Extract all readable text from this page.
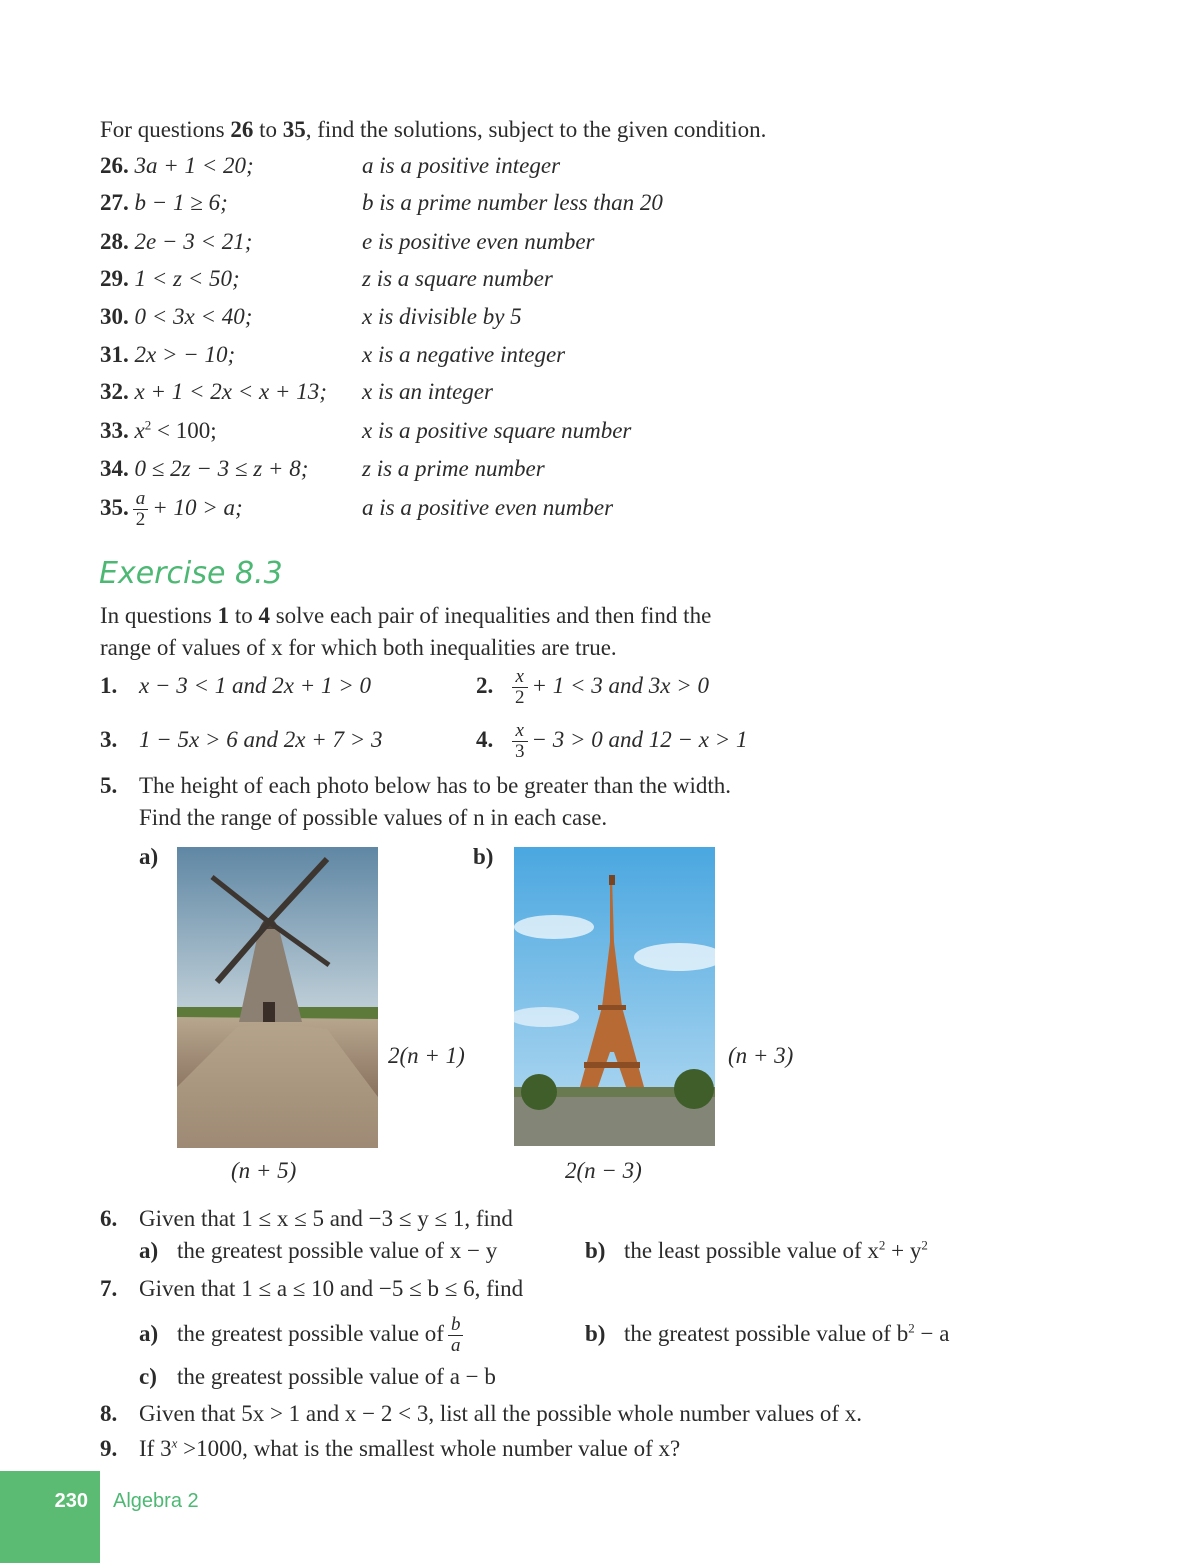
For questions 26 to 35, find the solutions, subject to the given condition.
26. 3a + 1 < 20;	a is a positive integer
27. b − 1 ≥ 6;	b is a prime number less than 20
28. 2e − 3 < 21;	e is positive even number
29. 1 < z < 50;	z is a square number
30. 0 < 3x < 40;	x is divisible by 5
31. 2x > − 10;	x is a negative integer
32. x + 1 < 2x < x + 13; x is an integer
33. $x^2 < 100$;	x is a positive square number
34. 0 ≤ 2z − 3 ≤ z + 8; z is a prime number
35. $\frac{a}{2} + 10 > a$;	a is a positive even number
Exercise 8.3
In questions 1 to 4 solve each pair of inequalities and then find the
range of values of x for which both inequalities are true.
1. x − 3 < 1 and 2x + 1 > 0	2. $\frac{x}{2} + 1 < 3$ and 3x > 0
3. 1 − 5x > 6 and 2x + 7 > 3	4. $\frac{x}{3} - 3 > 0$ and 12 − x > 1
5. The height of each photo below has to be greater than the width.
Find the range of possible values of n in each case.
a)	b)
2(n + 1)
(n + 5)
(n + 3)
2(n − 3)
6. Given that 1 ≤ x ≤ 5 and −3 ≤ y ≤ 1, find
a) the greatest possible value of x − y	b) the least possible value of $x^2 + y^2$
7. Given that 1 ≤ a ≤ 10 and −5 ≤ b ≤ 6, find
a) the greatest possible value of $\frac{b}{a}$	b) the greatest possible value of $b^2 - a$
c) the greatest possible value of a − b
8. Given that 5x > 1 and x − 2 < 3, list all the possible whole number values of x.
9. If $3^x >1000$, what is the smallest whole number value of x?
230	Algebra 2
